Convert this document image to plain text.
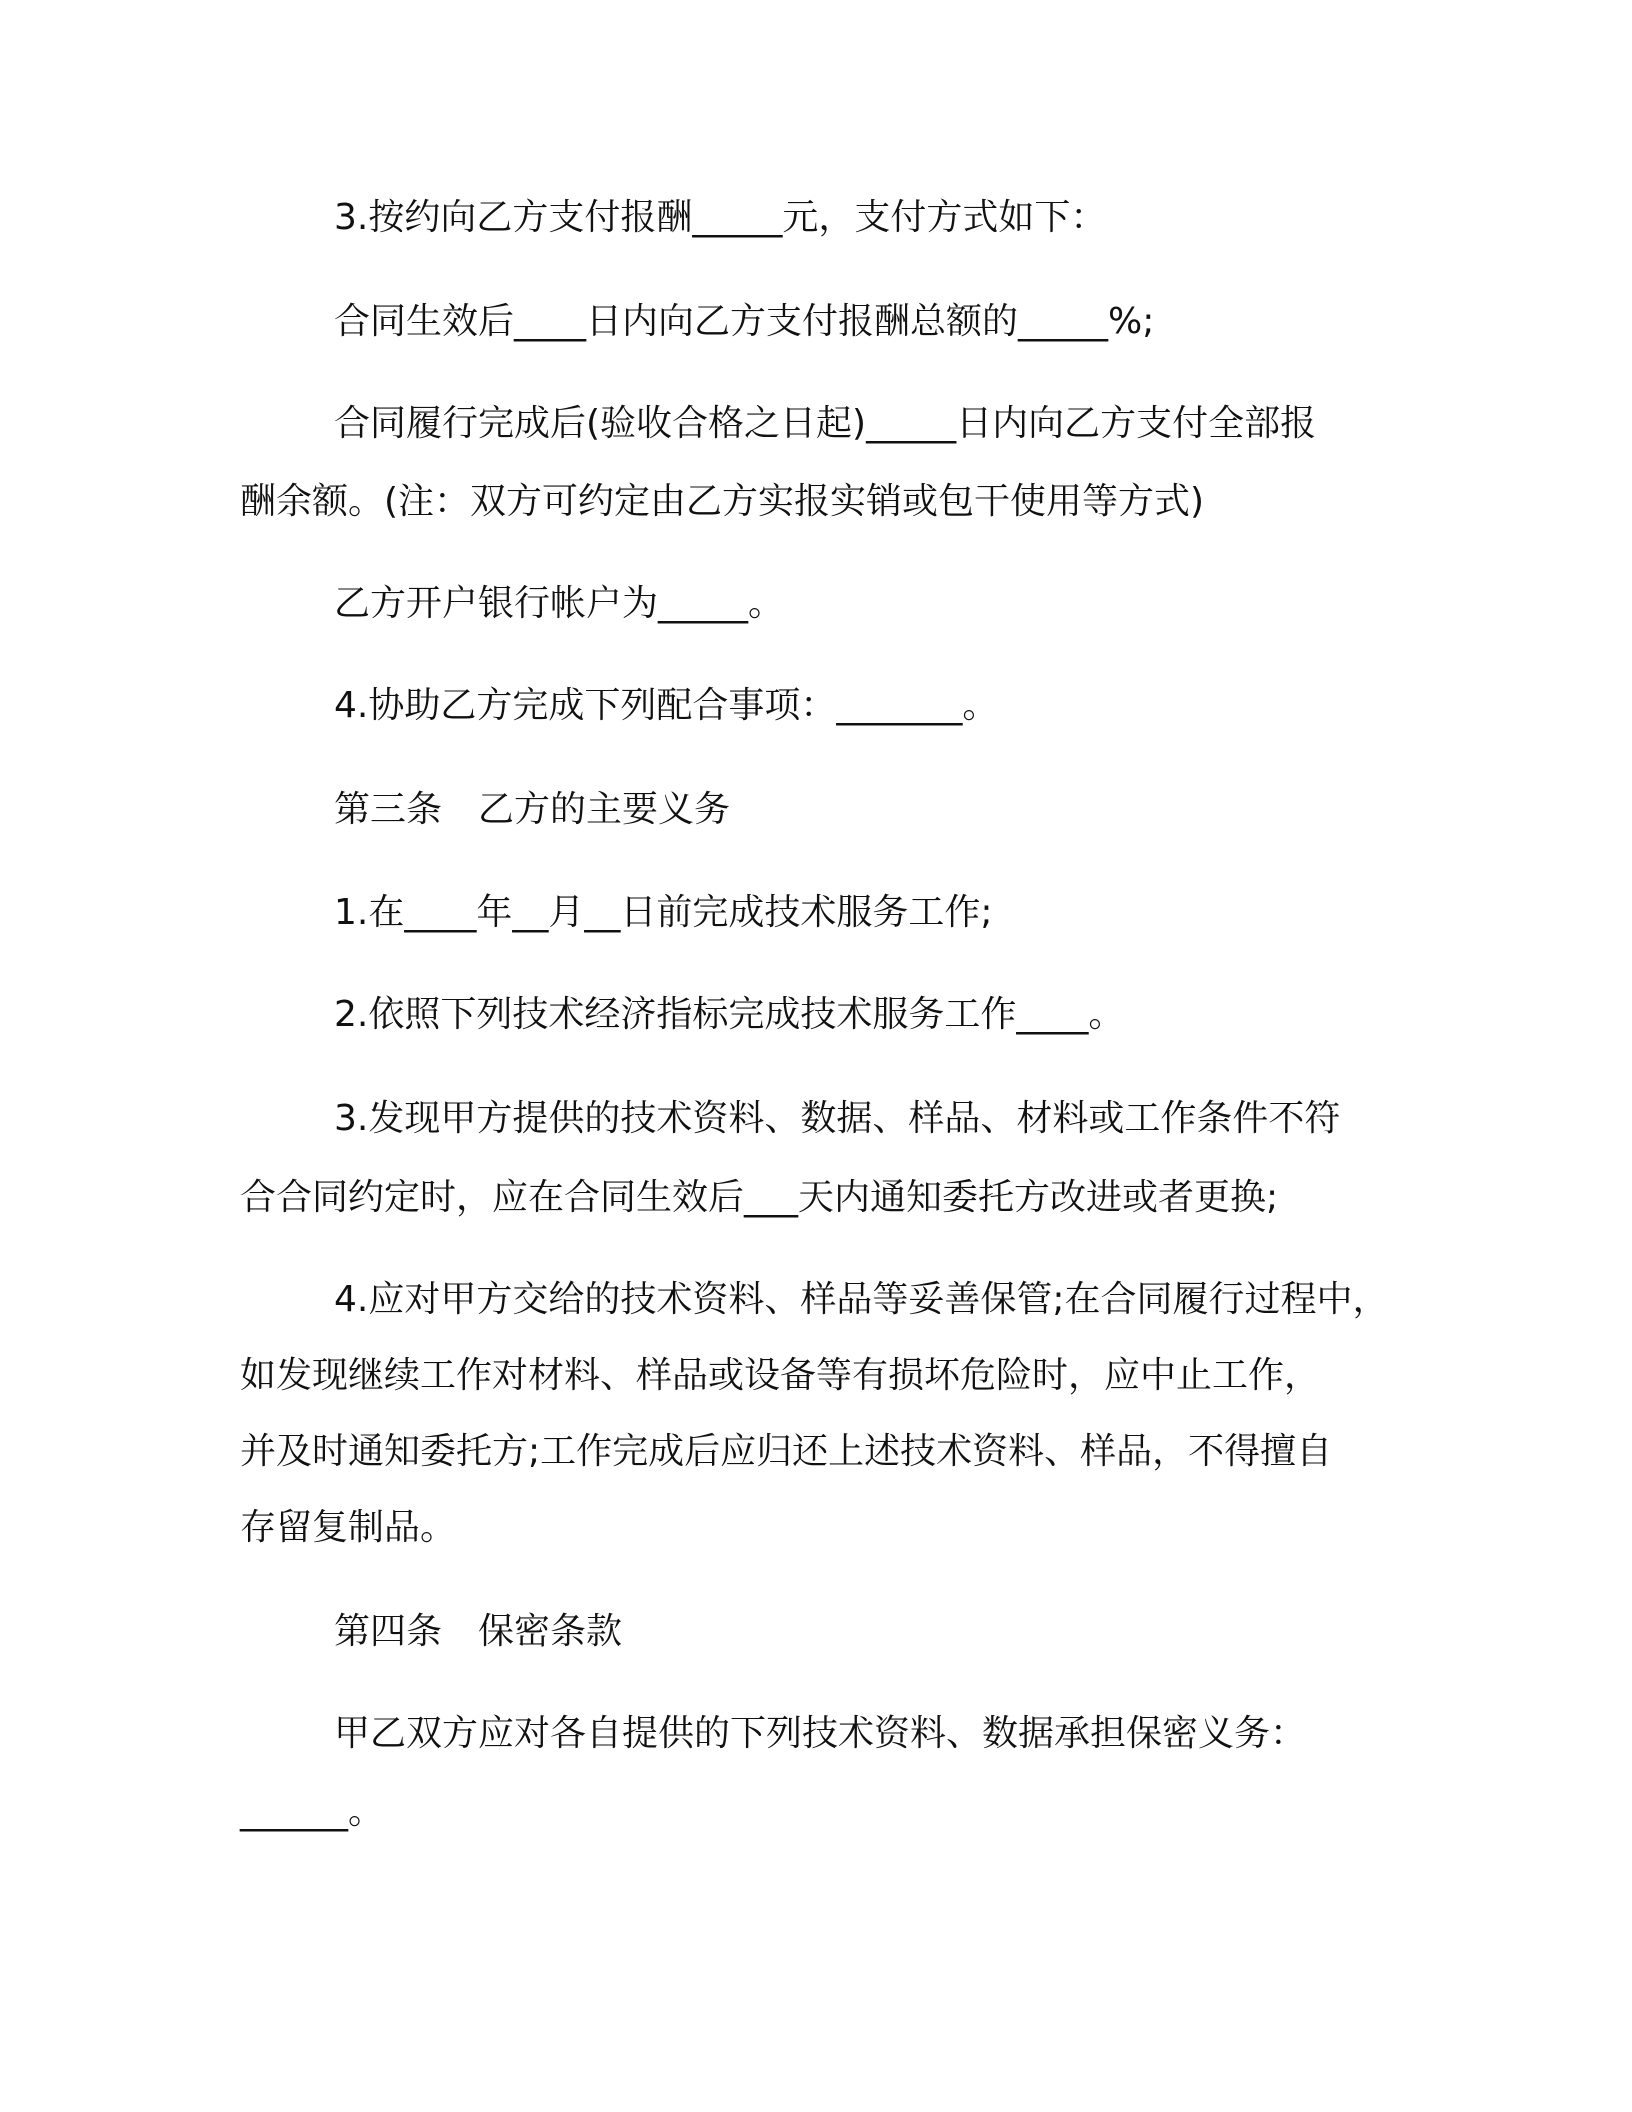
3.按约向乙方支付报酬_____元，支付方式如下：
合同生效后____日内向乙方支付报酬总额的_____%;
合同履行完成后(验收合格之日起)_____日内向乙方支付全部报
酬余额。(注：双方可约定由乙方实报实销或包干使用等方式)
乙方开户银行帐户为_____。
4.协助乙方完成下列配合事项：_______。
第三条　乙方的主要义务
1.在____年__月__日前完成技术服务工作;
2.依照下列技术经济指标完成技术服务工作____。
3.发现甲方提供的技术资料、数据、样品、材料或工作条件不符
合合同约定时，应在合同生效后___天内通知委托方改进或者更换;
4.应对甲方交给的技术资料、样品等妥善保管;在合同履行过程中，
如发现继续工作对材料、样品或设备等有损坏危险时，应中止工作，
并及时通知委托方;工作完成后应归还上述技术资料、样品，不得擅自
存留复制品。
第四条　保密条款
甲乙双方应对各自提供的下列技术资料、数据承担保密义务：
______。
